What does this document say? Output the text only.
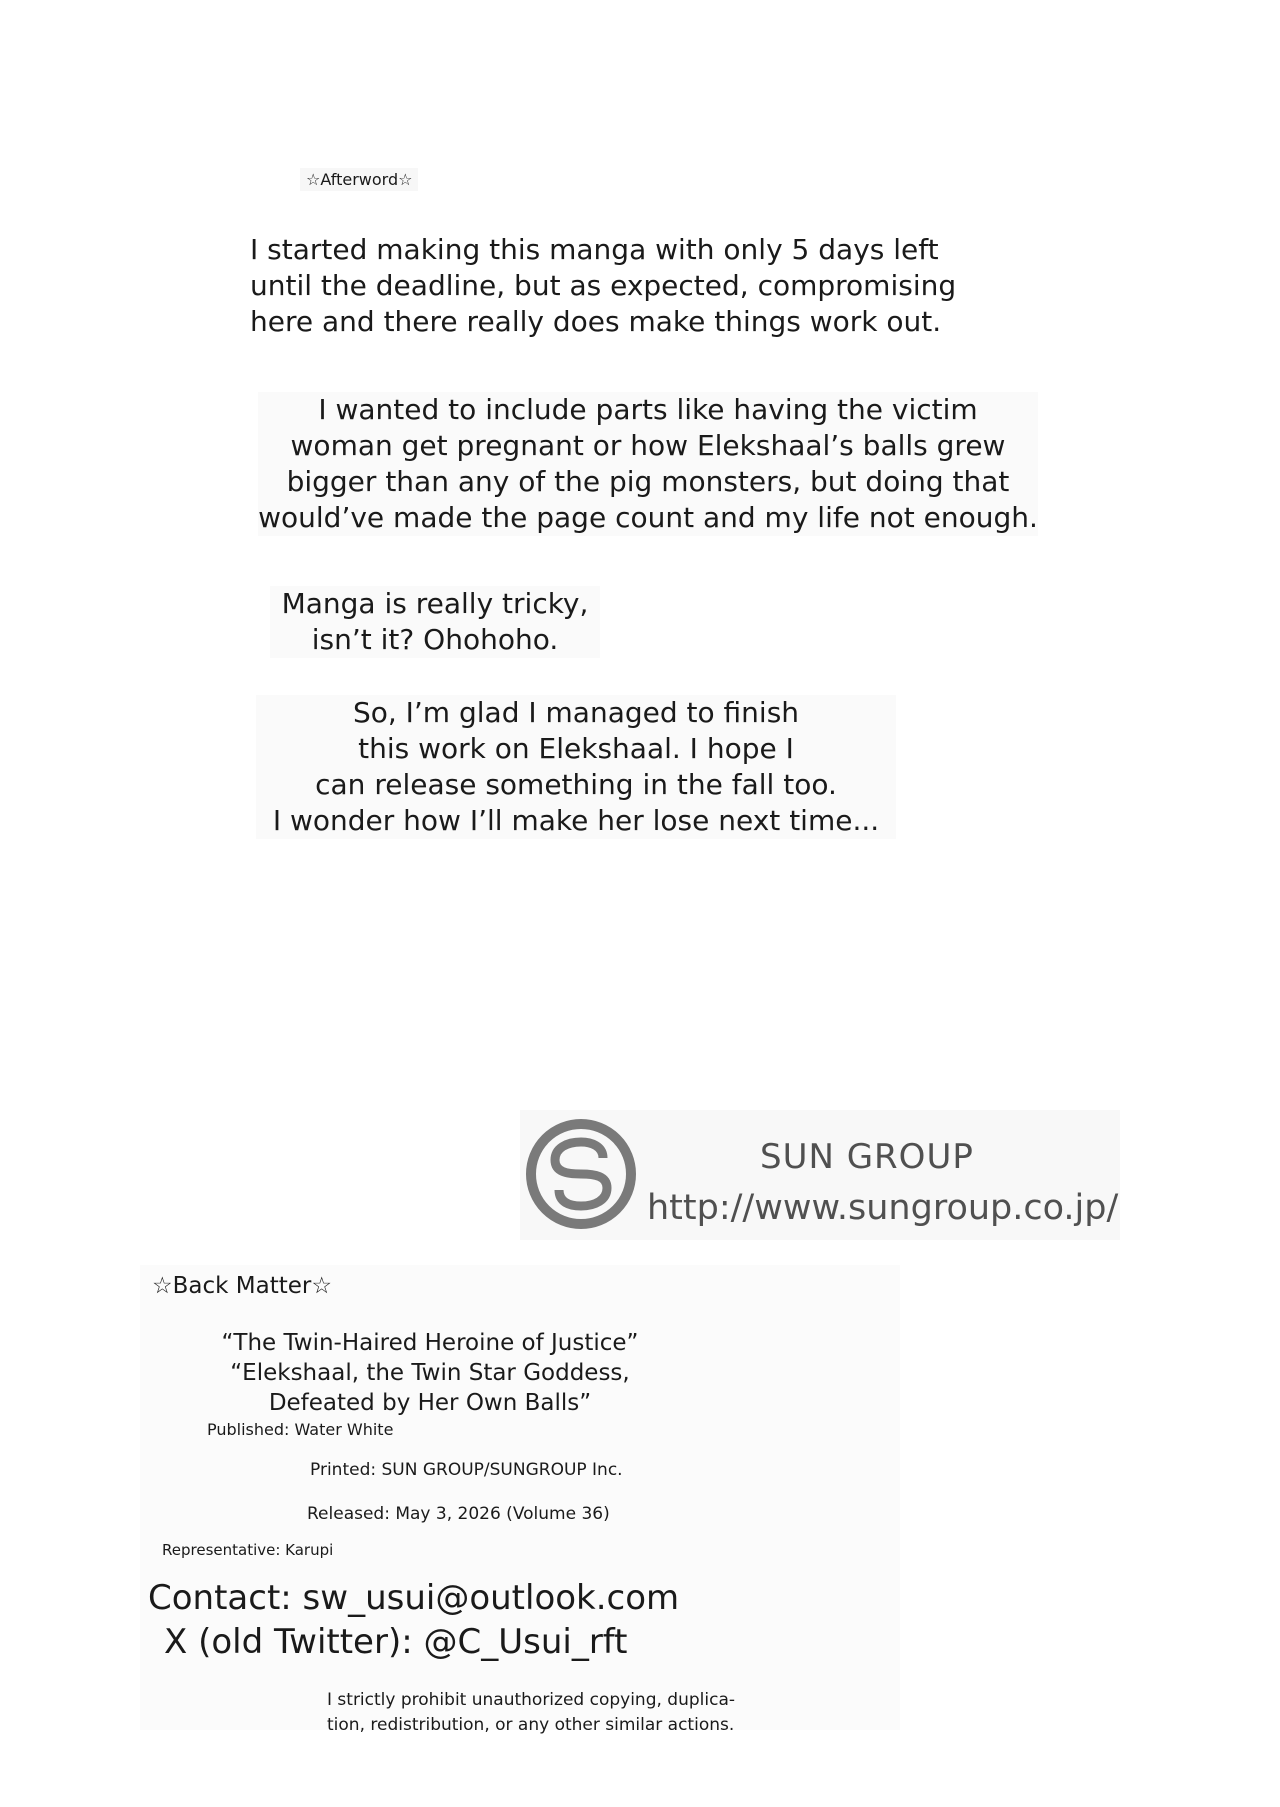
☆Afterword☆
I started making this manga with only 5 days left
until the deadline, but as expected, compromising
here and there really does make things work out.
I wanted to include parts like having the victim
woman get pregnant or how Elekshaal’s balls grew
bigger than any of the pig monsters, but doing that
would’ve made the page count and my life not enough.
Manga is really tricky,
isn’t it? Ohohoho.
So, I’m glad I managed to finish
this work on Elekshaal. I hope I
can release something in the fall too.
I wonder how I’ll make her lose next time...
SUN GROUP
http://www.sungroup.co.jp/
☆Back Matter☆
“The Twin-Haired Heroine of Justice”
“Elekshaal, the Twin Star Goddess,
Defeated by Her Own Balls”
Published: Water White
Printed: SUN GROUP/SUNGROUP Inc.
Released: May 3, 2026 (Volume 36)
Representative: Karupi
Contact: sw_usui@outlook.com
X (old Twitter): @C_Usui_rft
I strictly prohibit unauthorized copying, duplica-
tion, redistribution, or any other similar actions.
